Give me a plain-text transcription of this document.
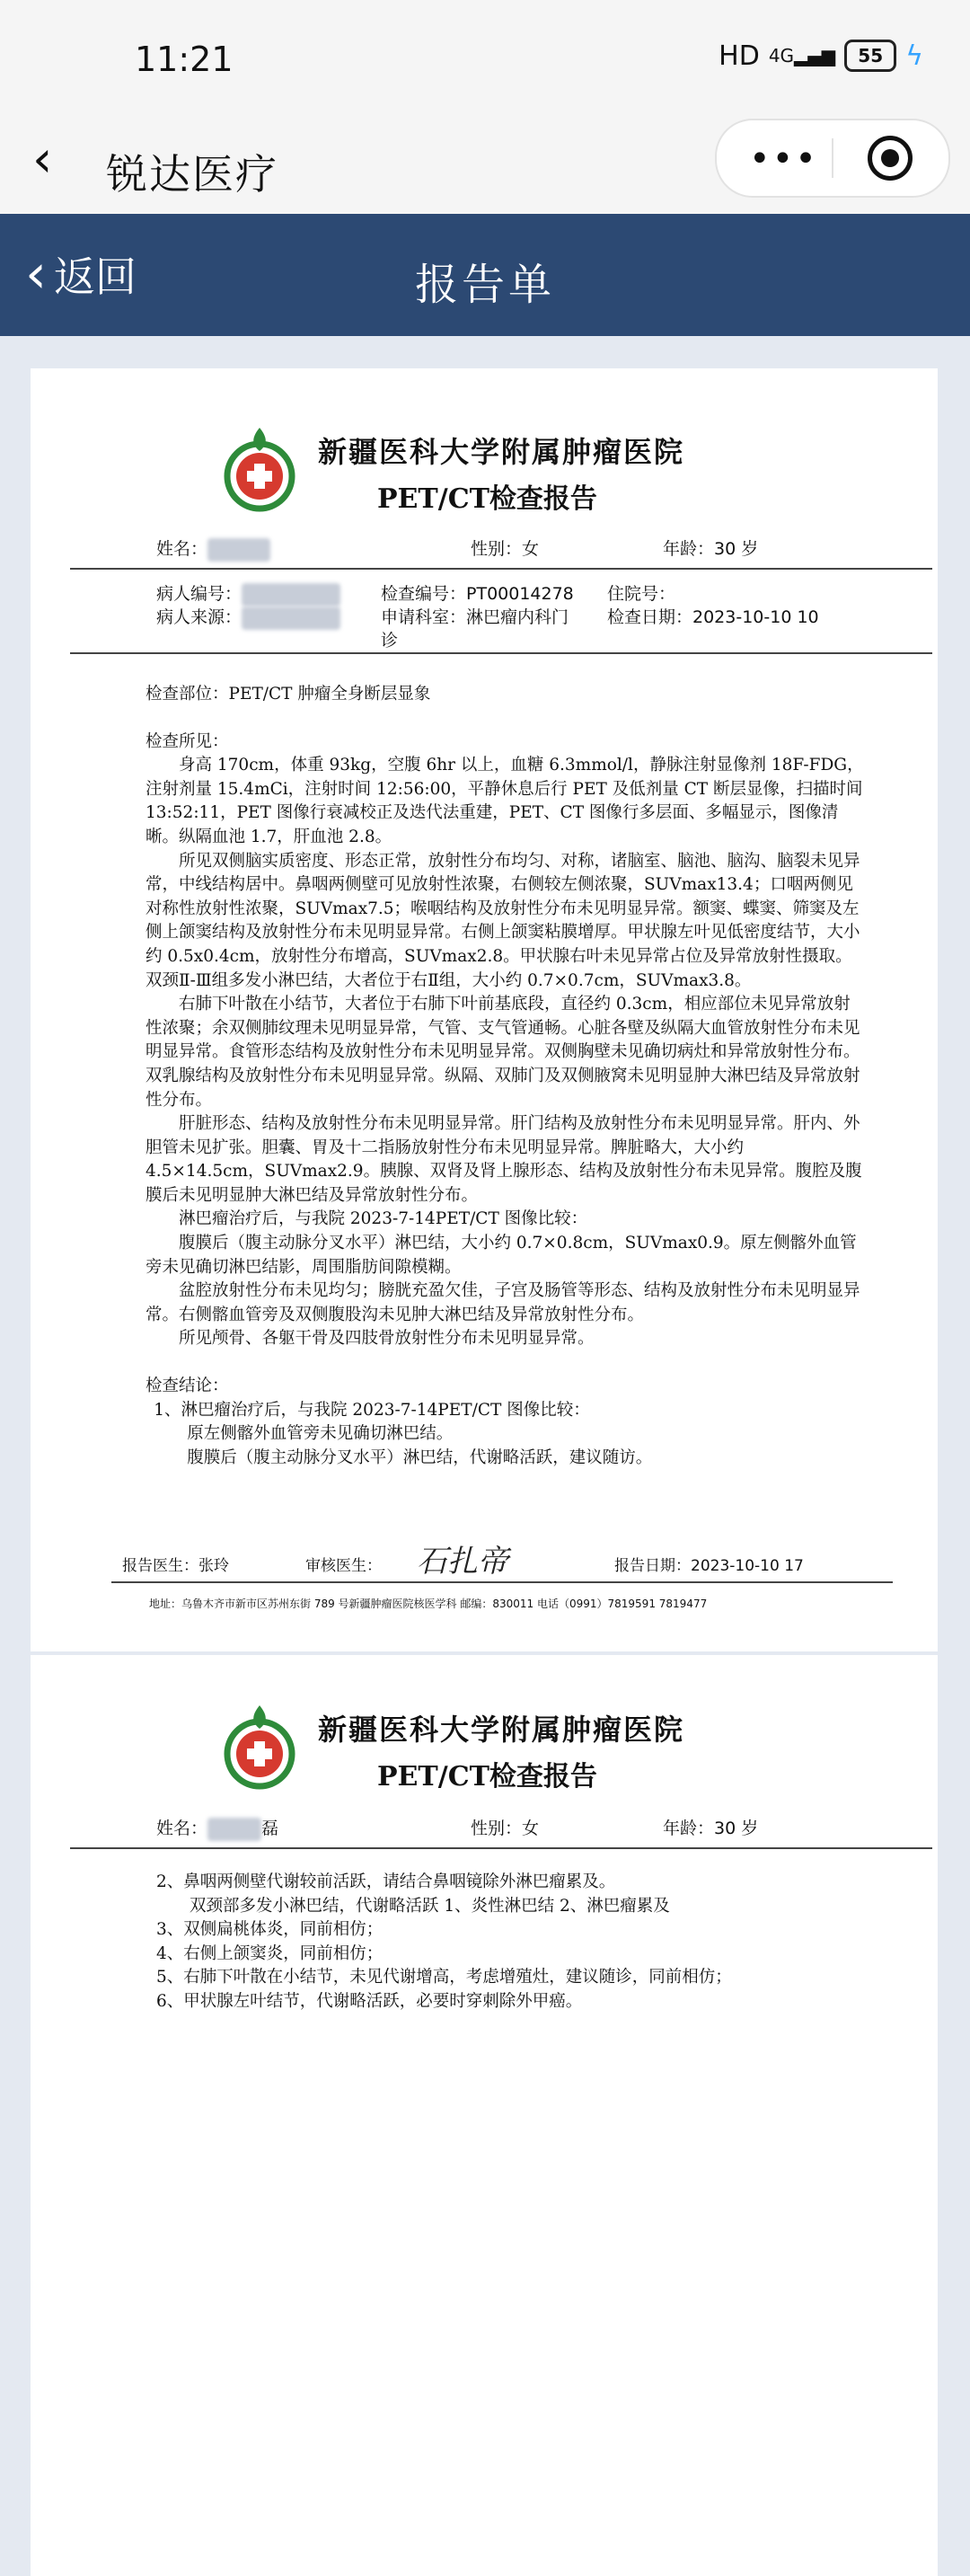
11:21	HD 4G▂▄▆ 55 ϟ
‹ 锐达医疗	•••
‹ 返回	报告单
新疆医科大学附属肿瘤医院
PET/CT检查报告
姓名：	性别：女	年龄：30 岁
病人编号：	检查编号：PT00014278 住院号：
病人来源：	申请科室：淋巴瘤内科门
诊
检查日期：2023-10-10 10

检查部位：PET/CT 肿瘤全身断层显象

检查所见：

身高 170cm，体重 93kg，空腹 6hr 以上，血糖 6.3mmol/l，静脉注射显像剂 18F-FDG，注射剂量 15.4mCi，注射时间 12:56:00，平静休息后行 PET 及低剂量 CT 断层显像，扫描时间 13:52:11，PET 图像行衰减校正及迭代法重建，PET、CT 图像行多层面、多幅显示，图像清晰。纵隔血池 1.7，肝血池 2.8。

所见双侧脑实质密度、形态正常，放射性分布均匀、对称，诸脑室、脑池、脑沟、脑裂未见异常，中线结构居中。鼻咽两侧壁可见放射性浓聚，右侧较左侧浓聚，SUVmax13.4；口咽两侧见对称性放射性浓聚，SUVmax7.5；喉咽结构及放射性分布未见明显异常。额窦、蝶窦、筛窦及左侧上颌窦结构及放射性分布未见明显异常。右侧上颌窦粘膜增厚。甲状腺左叶见低密度结节，大小约 0.5x0.4cm，放射性分布增高，SUVmax2.8。甲状腺右叶未见异常占位及异常放射性摄取。双颈Ⅱ-Ⅲ组多发小淋巴结，大者位于右Ⅱ组，大小约 0.7×0.7cm，SUVmax3.8。

右肺下叶散在小结节，大者位于右肺下叶前基底段，直径约 0.3cm，相应部位未见异常放射性浓聚；余双侧肺纹理未见明显异常，气管、支气管通畅。心脏各壁及纵隔大血管放射性分布未见明显异常。食管形态结构及放射性分布未见明显异常。双侧胸壁未见确切病灶和异常放射性分布。双乳腺结构及放射性分布未见明显异常。纵隔、双肺门及双侧腋窝未见明显肿大淋巴结及异常放射性分布。

肝脏形态、结构及放射性分布未见明显异常。肝门结构及放射性分布未见明显异常。肝内、外胆管未见扩张。胆囊、胃及十二指肠放射性分布未见明显异常。脾脏略大，大小约 4.5×14.5cm，SUVmax2.9。胰腺、双肾及肾上腺形态、结构及放射性分布未见异常。腹腔及腹膜后未见明显肿大淋巴结及异常放射性分布。

淋巴瘤治疗后，与我院 2023-7-14PET/CT 图像比较：

腹膜后（腹主动脉分叉水平）淋巴结，大小约 0.7×0.8cm，SUVmax0.9。原左侧髂外血管旁未见确切淋巴结影，周围脂肪间隙模糊。

盆腔放射性分布未见均匀；膀胱充盈欠佳，子宫及肠管等形态、结构及放射性分布未见明显异常。右侧髂血管旁及双侧腹股沟未见肿大淋巴结及异常放射性分布。

所见颅骨、各躯干骨及四肢骨放射性分布未见明显异常。

检查结论：

1、淋巴瘤治疗后，与我院 2023-7-14PET/CT 图像比较：

原左侧髂外血管旁未见确切淋巴结。

腹膜后（腹主动脉分叉水平）淋巴结，代谢略活跃，建议随访。

报告医生：张玲	审核医生： 石扎帝	报告日期：2023-10-10 17
地址：乌鲁木齐市新市区苏州东街 789 号新疆肿瘤医院核医学科 邮编：830011 电话（0991）7819591 7819477
新疆医科大学附属肿瘤医院
PET/CT检查报告
姓名：	磊	性别：女	年龄：30 岁

2、鼻咽两侧壁代谢较前活跃，请结合鼻咽镜除外淋巴瘤累及。

双颈部多发小淋巴结，代谢略活跃 1、炎性淋巴结 2、淋巴瘤累及

3、双侧扁桃体炎，同前相仿；

4、右侧上颌窦炎，同前相仿；

5、右肺下叶散在小结节，未见代谢增高，考虑增殖灶，建议随诊，同前相仿；

6、甲状腺左叶结节，代谢略活跃，必要时穿刺除外甲癌。
